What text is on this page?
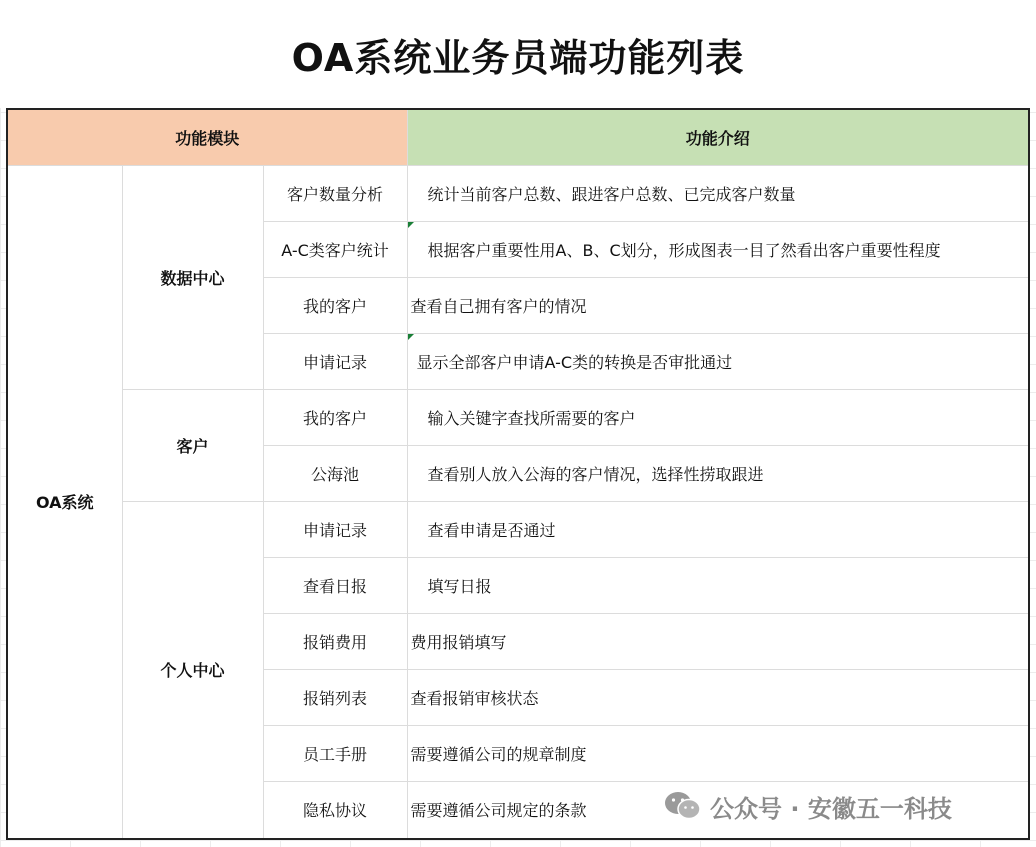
OA系统业务员端功能列表
功能模块			功能介绍
OA系统	数据中心	客户数量分析	统计当前客户总数、跟进客户总数、已完成客户数量
		A-C类客户统计	根据客户重要性用A、B、C划分，形成图表一目了然看出客户重要性程度
		我的客户	查看自己拥有客户的情况
		申请记录	显示全部客户申请A-C类的转换是否审批通过
	客户	我的客户	输入关键字查找所需要的客户
		公海池	查看别人放入公海的客户情况，选择性捞取跟进
	个人中心	申请记录	查看申请是否通过
		查看日报	填写日报
		报销费用	费用报销填写
		报销列表	查看报销审核状态
		员工手册	需要遵循公司的规章制度
		隐私协议	需要遵循公司规定的条款	公众号 · 安徽五一科技
